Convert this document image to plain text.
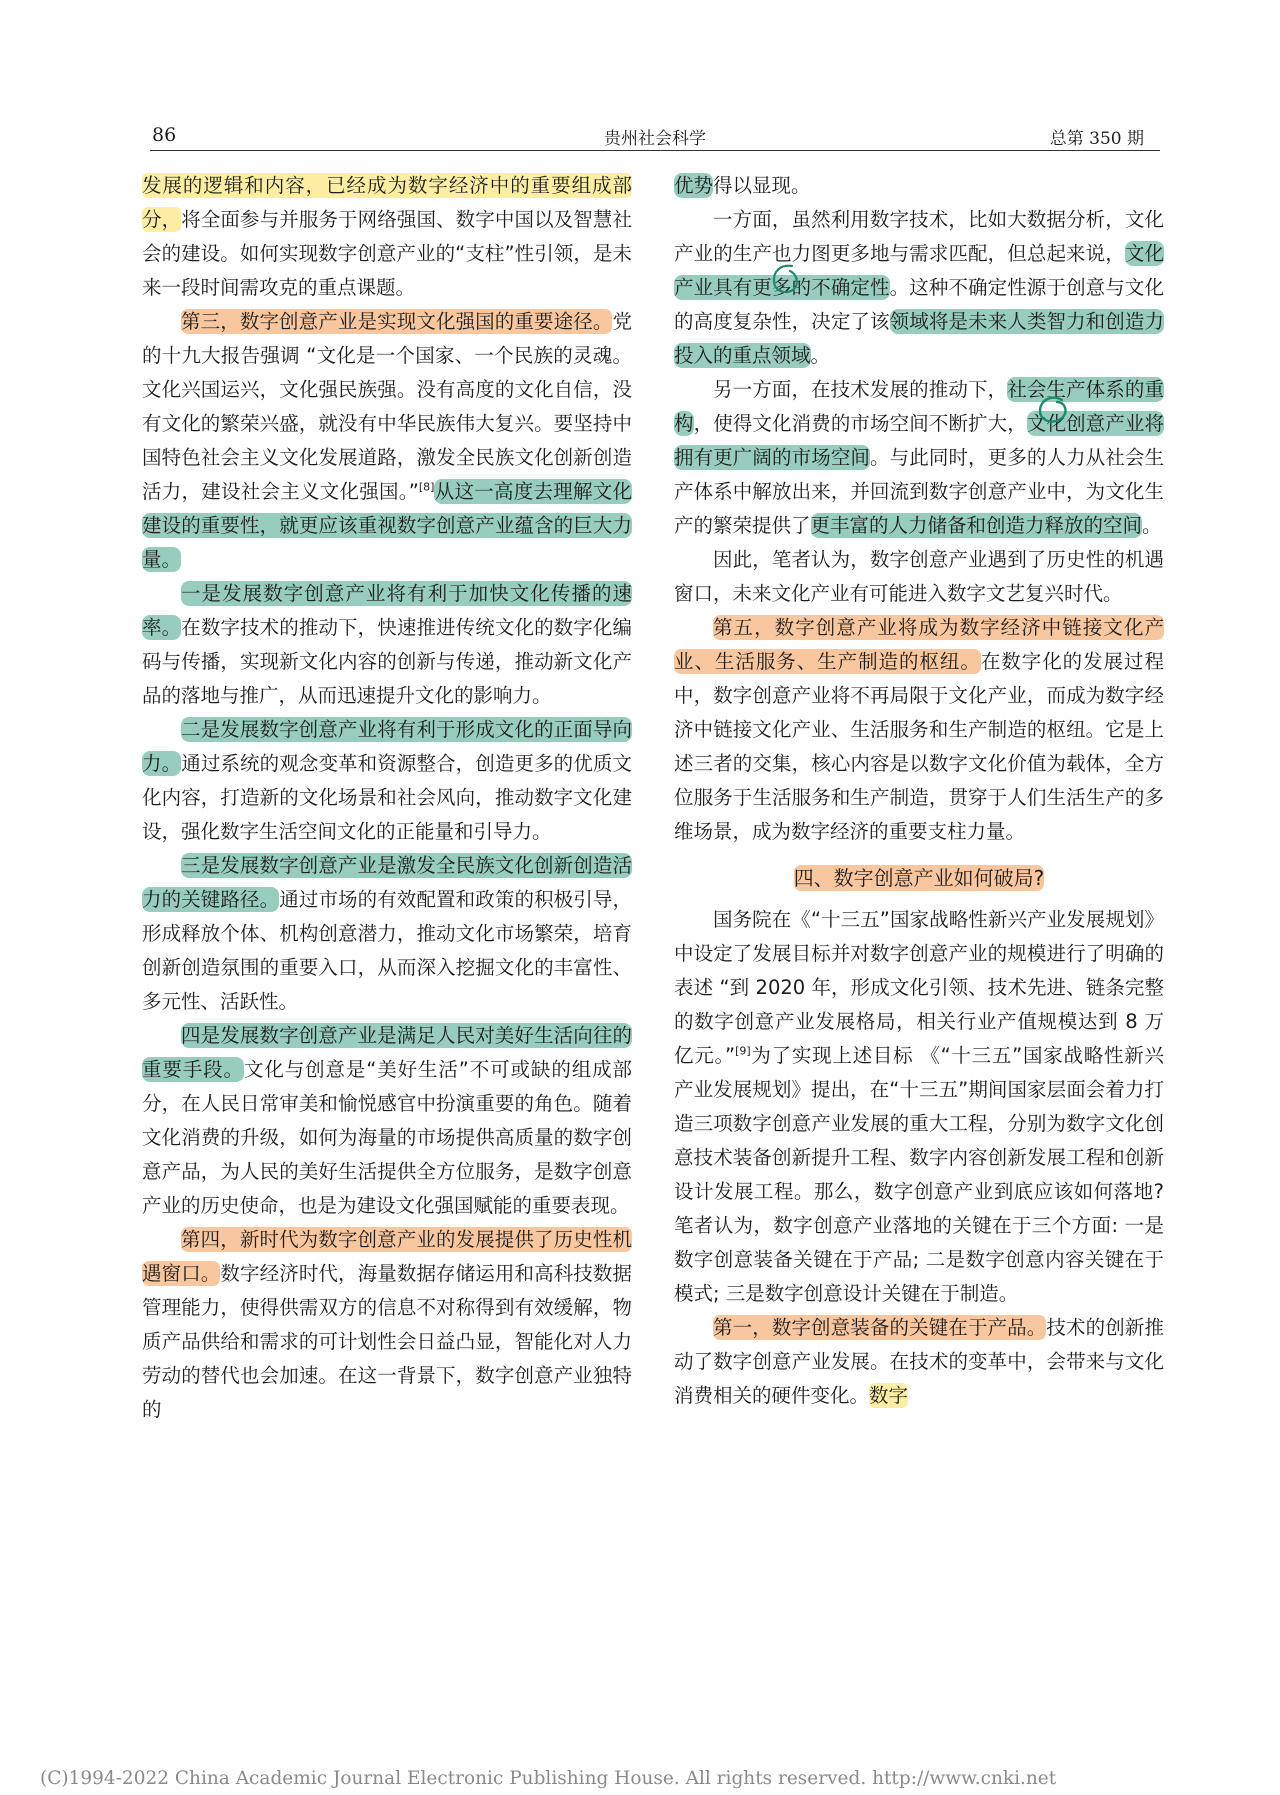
86	贵州社会科学	总第 350 期

发展的逻辑和内容，已经成为数字经济中的重要组成部分，将全面参与并服务于网络强国、数字中国以及智慧社会的建设。如何实现数字创意产业的“支柱”性引领，是未来一段时间需攻克的重点课题。

第三，数字创意产业是实现文化强国的重要途径。党的十九大报告强调 “文化是一个国家、一个民族的灵魂。文化兴国运兴，文化强民族强。没有高度的文化自信，没有文化的繁荣兴盛，就没有中华民族伟大复兴。要坚持中国特色社会主义文化发展道路，激发全民族文化创新创造活力，建设社会主义文化强国。”[8]从这一高度去理解文化建设的重要性，就更应该重视数字创意产业蕴含的巨大力量。

一是发展数字创意产业将有利于加快文化传播的速率。在数字技术的推动下，快速推进传统文化的数字化编码与传播，实现新文化内容的创新与传递，推动新文化产品的落地与推广，从而迅速提升文化的影响力。

二是发展数字创意产业将有利于形成文化的正面导向力。通过系统的观念变革和资源整合，创造更多的优质文化内容，打造新的文化场景和社会风向，推动数字文化建设，强化数字生活空间文化的正能量和引导力。

三是发展数字创意产业是激发全民族文化创新创造活力的关键路径。通过市场的有效配置和政策的积极引导，形成释放个体、机构创意潜力，推动文化市场繁荣，培育创新创造氛围的重要入口，从而深入挖掘文化的丰富性、多元性、活跃性。

四是发展数字创意产业是满足人民对美好生活向往的重要手段。文化与创意是“美好生活”不可或缺的组成部分，在人民日常审美和愉悦感官中扮演重要的角色。随着文化消费的升级，如何为海量的市场提供高质量的数字创意产品，为人民的美好生活提供全方位服务，是数字创意产业的历史使命，也是为建设文化强国赋能的重要表现。

第四，新时代为数字创意产业的发展提供了历史性机遇窗口。数字经济时代，海量数据存储运用和高科技数据管理能力，使得供需双方的信息不对称得到有效缓解，物质产品供给和需求的可计划性会日益凸显，智能化对人力劳动的替代也会加速。在这一背景下，数字创意产业独特的

优势得以显现。

一方面，虽然利用数字技术，比如大数据分析，文化产业的生产也力图更多地与需求匹配，但总起来说，文化产业具有更多的不确定性。这种不确定性源于创意与文化的高度复杂性，决定了该领域将是未来人类智力和创造力投入的重点领域。

另一方面，在技术发展的推动下，社会生产体系的重构，使得文化消费的市场空间不断扩大，文化创意产业将拥有更广阔的市场空间。与此同时，更多的人力从社会生产体系中解放出来，并回流到数字创意产业中，为文化生产的繁荣提供了更丰富的人力储备和创造力释放的空间。

因此，笔者认为，数字创意产业遇到了历史性的机遇窗口，未来文化产业有可能进入数字文艺复兴时代。

第五，数字创意产业将成为数字经济中链接文化产业、生活服务、生产制造的枢纽。在数字化的发展过程中，数字创意产业将不再局限于文化产业，而成为数字经济中链接文化产业、生活服务和生产制造的枢纽。它是上述三者的交集，核心内容是以数字文化价值为载体，全方位服务于生活服务和生产制造，贯穿于人们生活生产的多维场景，成为数字经济的重要支柱力量。

四、数字创意产业如何破局?

国务院在《“十三五”国家战略性新兴产业发展规划》中设定了发展目标并对数字创意产业的规模进行了明确的表述 “到 2020 年，形成文化引领、技术先进、链条完整的数字创意产业发展格局，相关行业产值规模达到 8 万亿元。”[9]为了实现上述目标 《“十三五”国家战略性新兴产业发展规划》提出，在“十三五”期间国家层面会着力打造三项数字创意产业发展的重大工程，分别为数字文化创意技术装备创新提升工程、数字内容创新发展工程和创新设计发展工程。那么，数字创意产业到底应该如何落地? 笔者认为，数字创意产业落地的关键在于三个方面: 一是数字创意装备关键在于产品; 二是数字创意内容关键在于模式; 三是数字创意设计关键在于制造。

第一，数字创意装备的关键在于产品。技术的创新推动了数字创意产业发展。在技术的变革中，会带来与文化消费相关的硬件变化。数字

(C)1994-2022 China Academic Journal Electronic Publishing House. All rights reserved. http://www.cnki.net
